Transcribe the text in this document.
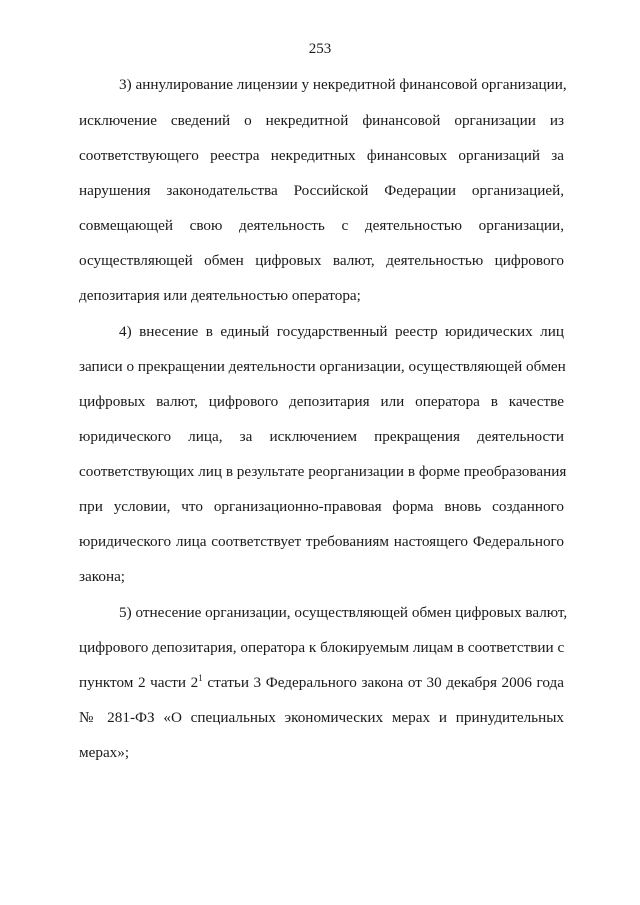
253
3) аннулирование лицензии у некредитной финансовой организации,
исключение сведений о некредитной финансовой организации из
соответствующего реестра некредитных финансовых организаций за
нарушения законодательства Российской Федерации организацией,
совмещающей свою деятельность с деятельностью организации,
осуществляющей обмен цифровых валют, деятельностью цифрового
депозитария или деятельностью оператора;
4) внесение в единый государственный реестр юридических лиц
записи о прекращении деятельности организации, осуществляющей обмен
цифровых валют, цифрового депозитария или оператора в качестве
юридического лица, за исключением прекращения деятельности
соответствующих лиц в результате реорганизации в форме преобразования
при условии, что организационно-правовая форма вновь созданного
юридического лица соответствует требованиям настоящего Федерального
закона;
5) отнесение организации, осуществляющей обмен цифровых валют,
цифрового депозитария, оператора к блокируемым лицам в соответствии с
пунктом 2 части $2^1$ статьи 3 Федерального закона от 30 декабря 2006 года
№ 281-ФЗ «О специальных экономических мерах и принудительных
мерах»;
